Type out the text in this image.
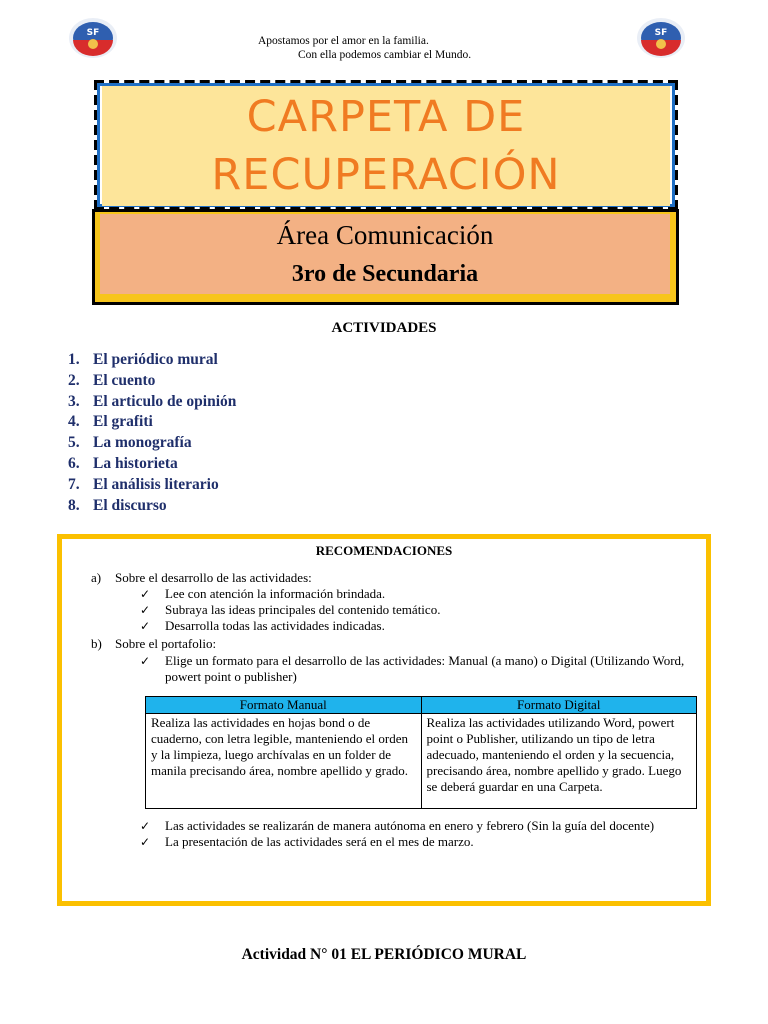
SF	SF
Apostamos por el amor en la familia.
Con ella podemos cambiar el Mundo.
CARPETA DE
RECUPERACIÓN
Área Comunicación
3ro de Secundaria
ACTIVIDADES
1. El periódico mural
2. El cuento
3. El articulo de opinión
4. El grafiti
5. La monografía
6. La historieta
7. El análisis literario
8. El discurso
RECOMENDACIONES
a) Sobre el desarrollo de las actividades:
✓ Lee con atención la información brindada.
✓ Subraya las ideas principales del contenido temático.
✓ Desarrolla todas las actividades indicadas.
b) Sobre el portafolio:
✓ Elige un formato para el desarrollo de las actividades: Manual (a mano) o Digital (Utilizando Word, powert point o publisher)
Formato Manual	Formato Digital
Realiza las actividades en hojas bond o de cuaderno, con letra legible, manteniendo el orden y la limpieza, luego archívalas en un folder de manila precisando área, nombre apellido y grado.	Realiza las actividades utilizando Word, powert point o Publisher, utilizando un tipo de letra adecuado, manteniendo el orden y la secuencia, precisando área, nombre apellido y grado. Luego se deberá guardar en una Carpeta.
✓ Las actividades se realizarán de manera autónoma en enero y febrero (Sin la guía del docente)
✓ La presentación de las actividades será en el mes de marzo.
Actividad N° 01 EL PERIÓDICO MURAL
